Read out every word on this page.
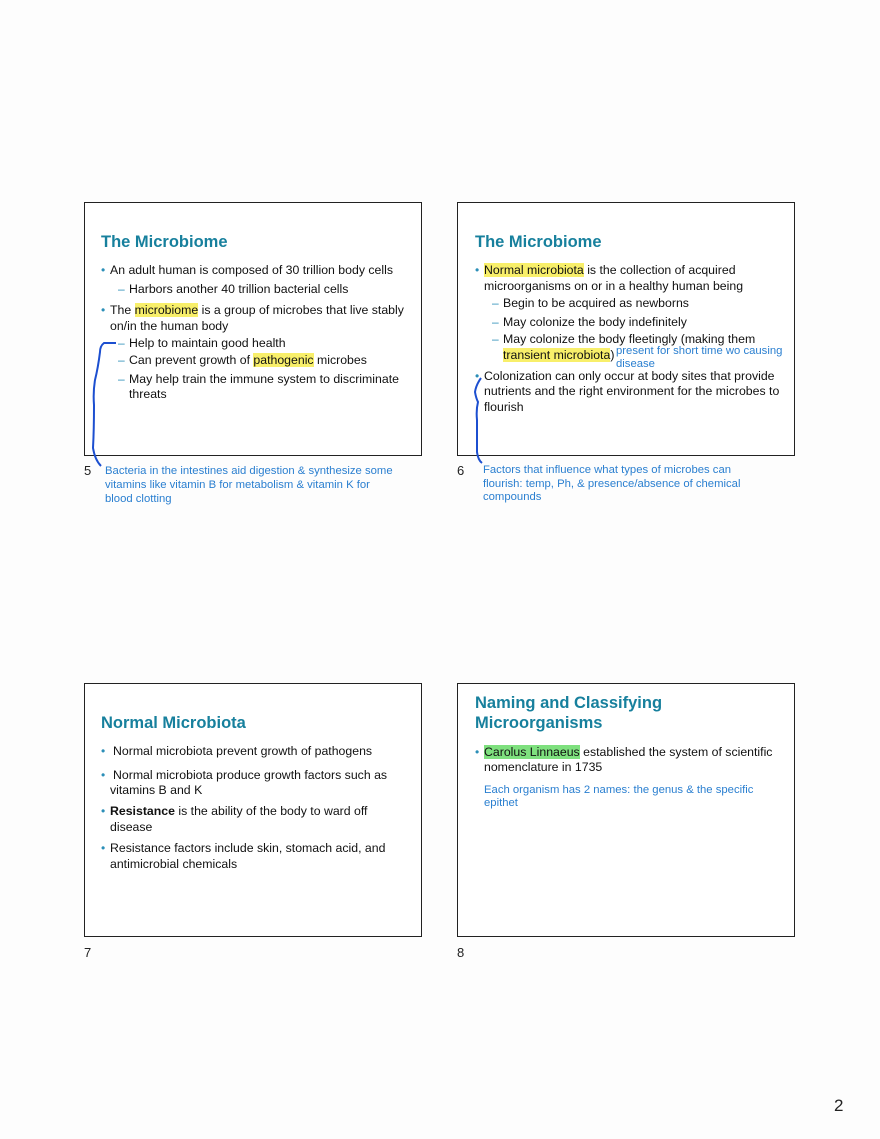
The Microbiome
• An adult human is composed of 30 trillion body cells
– Harbors another 40 trillion bacterial cells
• The microbiome is a group of microbes that live stably
on/in the human body
– Help to maintain good health
– Can prevent growth of pathogenic microbes
– May help train the immune system to discriminate
threats
5 Bacteria in the intestines aid digestion & synthesize some
vitamins like vitamin B for metabolism & vitamin K for
blood clotting
The Microbiome
• Normal microbiota is the collection of acquired
microorganisms on or in a healthy human being
– Begin to be acquired as newborns
– May colonize the body indefinitely
– May colonize the body fleetingly (making them
transient microbiota) present for short time wo causing
disease
• Colonization can only occur at body sites that provide
nutrients and the right environment for the microbes to
flourish
6 Factors that influence what types of microbes can
flourish: temp, Ph, & presence/absence of chemical
compounds
Normal Microbiota
• Normal microbiota prevent growth of pathogens
• Normal microbiota produce growth factors such as
vitamins B and K
• Resistance is the ability of the body to ward off
disease
• Resistance factors include skin, stomach acid, and
antimicrobial chemicals
7
Naming and Classifying
Microorganisms
• Carolus Linnaeus established the system of scientific
nomenclature in 1735
Each organism has 2 names: the genus & the specific
epithet
8
2
